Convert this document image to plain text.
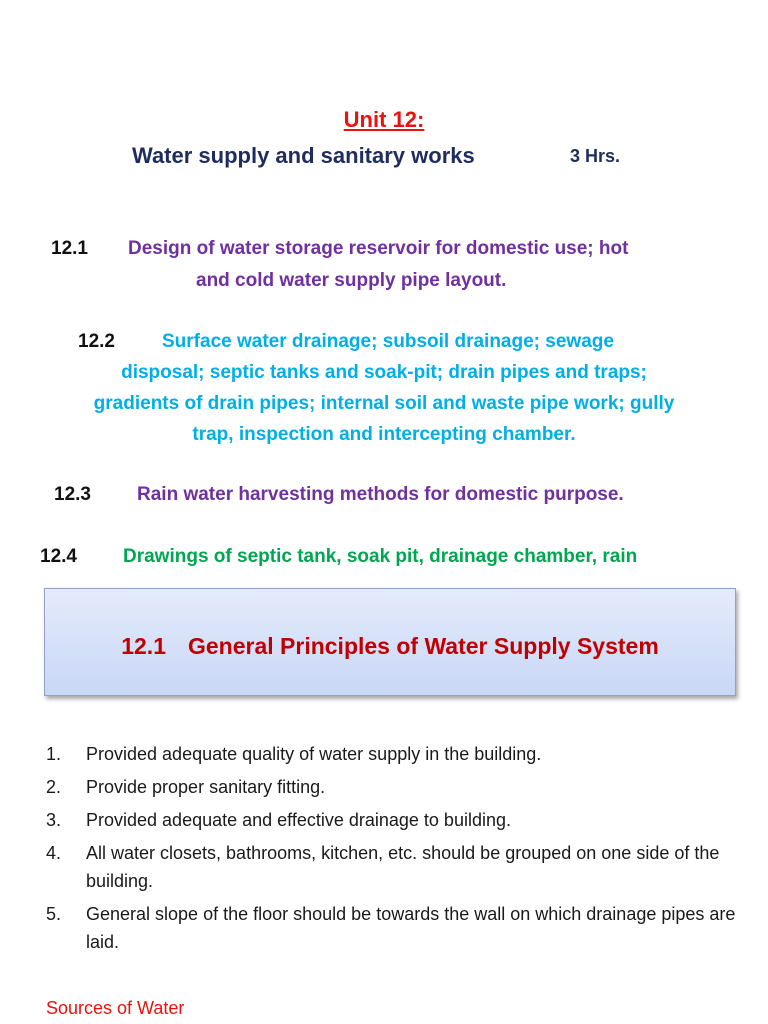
Unit 12:
Water supply and sanitary works	3 Hrs.
12.1 Design of water storage reservoir for domestic use; hot
and cold water supply pipe layout.
12.2 Surface water drainage; subsoil drainage; sewage
disposal; septic tanks and soak-pit; drain pipes and traps;
gradients of drain pipes; internal soil and waste pipe work; gully
trap, inspection and intercepting chamber.
12.3 Rain water harvesting methods for domestic purpose.
12.4 Drawings of septic tank, soak pit, drainage chamber, rain
12.1 General Principles of Water Supply System
1.	Provided adequate quality of water supply in the building.
2.	Provide proper sanitary fitting.
3.	Provided adequate and effective drainage to building.
4.	All water closets, bathrooms, kitchen, etc. should be grouped on one side of the building.
5.	General slope of the floor should be towards the wall on which drainage pipes are laid.
Sources of Water
